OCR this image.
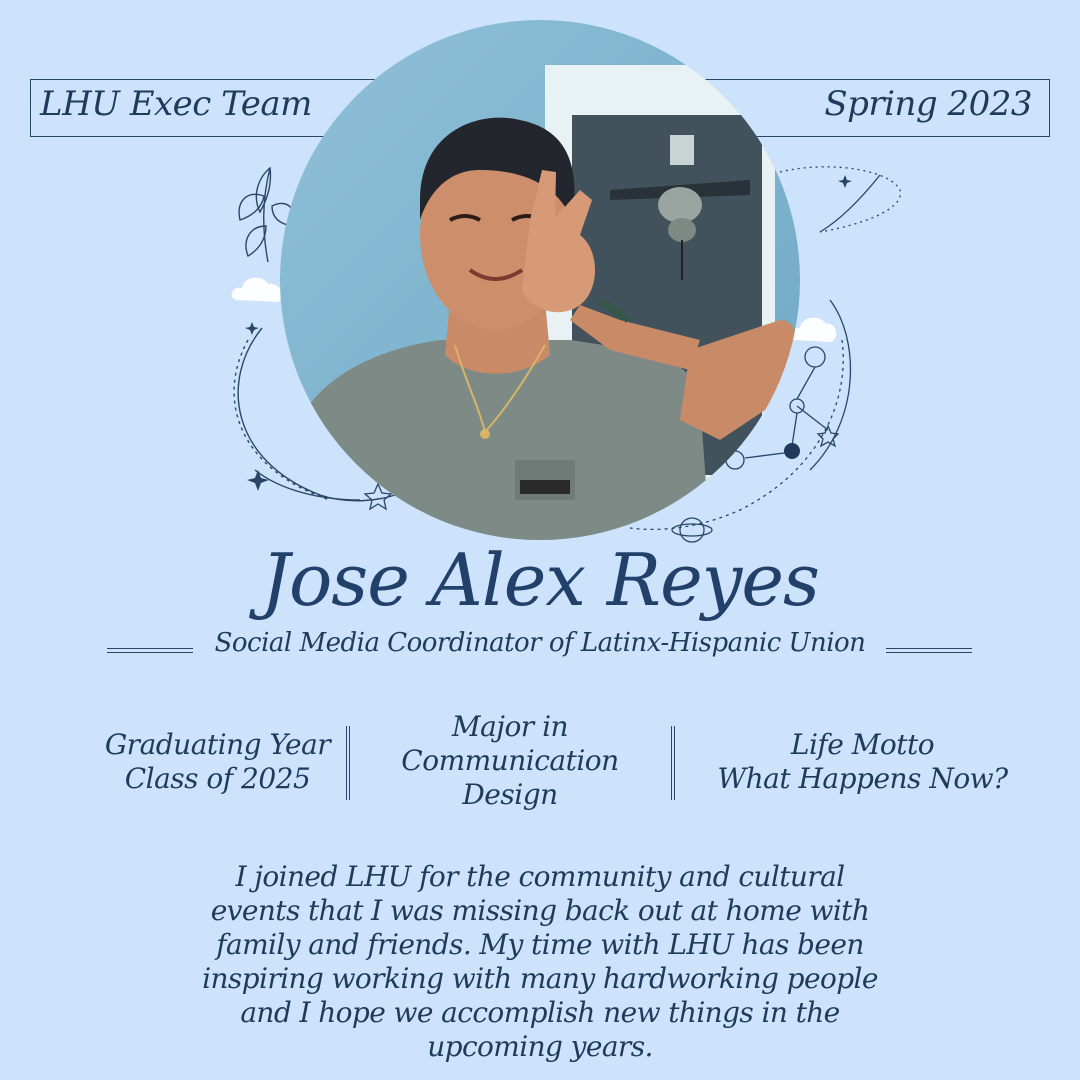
LHU Exec Team	Spring 2023
Jose Alex Reyes
Social Media Coordinator of Latinx-Hispanic Union
Graduating Year
Class of 2025
Major in
Communication
Design
Life Motto
What Happens Now?
I joined LHU for the community and cultural events that I was missing back out at home with family and friends. My time with LHU has been inspiring working with many hardworking people and I hope we accomplish new things in the upcoming years.
